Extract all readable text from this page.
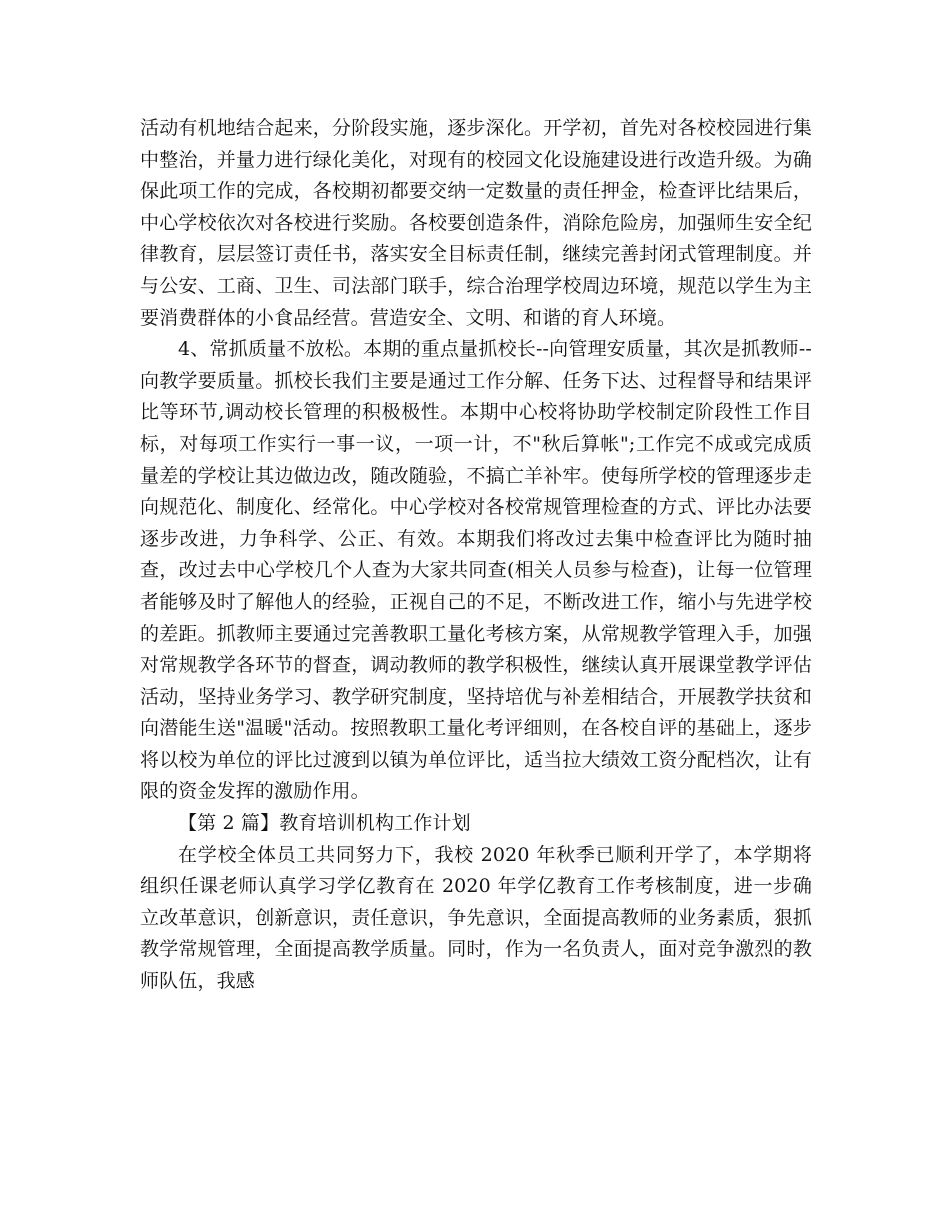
活动有机地结合起来，分阶段实施，逐步深化。开学初，首先对各校校园进行集中整治，并量力进行绿化美化，对现有的校园文化设施建设进行改造升级。为确保此项工作的完成，各校期初都要交纳一定数量的责任押金，检查评比结果后，中心学校依次对各校进行奖励。各校要创造条件，消除危险房，加强师生安全纪律教育，层层签订责任书，落实安全目标责任制，继续完善封闭式管理制度。并与公安、工商、卫生、司法部门联手，综合治理学校周边环境，规范以学生为主要消费群体的小食品经营。营造安全、文明、和谐的育人环境。

4、常抓质量不放松。本期的重点量抓校长--向管理安质量，其次是抓教师--向教学要质量。抓校长我们主要是通过工作分解、任务下达、过程督导和结果评比等环节,调动校长管理的积极极性。本期中心校将协助学校制定阶段性工作目标，对每项工作实行一事一议，一项一计，不"秋后算帐";工作完不成或完成质量差的学校让其边做边改，随改随验，不搞亡羊补牢。使每所学校的管理逐步走向规范化、制度化、经常化。中心学校对各校常规管理检查的方式、评比办法要逐步改进，力争科学、公正、有效。本期我们将改过去集中检查评比为随时抽查，改过去中心学校几个人查为大家共同查(相关人员参与检查)，让每一位管理者能够及时了解他人的经验，正视自己的不足，不断改进工作，缩小与先进学校的差距。抓教师主要通过完善教职工量化考核方案，从常规教学管理入手，加强对常规教学各环节的督查，调动教师的教学积极性，继续认真开展课堂教学评估活动，坚持业务学习、教学研究制度，坚持培优与补差相结合，开展教学扶贫和向潜能生送"温暖"活动。按照教职工量化考评细则，在各校自评的基础上，逐步将以校为单位的评比过渡到以镇为单位评比，适当拉大绩效工资分配档次，让有限的资金发挥的激励作用。

【第 2 篇】教育培训机构工作计划

在学校全体员工共同努力下，我校 2020 年秋季已顺利开学了，本学期将组织任课老师认真学习学亿教育在 2020 年学亿教育工作考核制度，进一步确立改革意识，创新意识，责任意识，争先意识，全面提高教师的业务素质，狠抓教学常规管理，全面提高教学质量。同时，作为一名负责人，面对竞争激烈的教师队伍，我感
